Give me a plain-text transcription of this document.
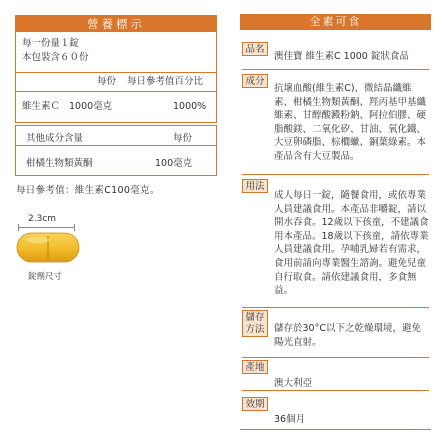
營養標示
每一份量１錠
本包裝含６０份
每份 每日參考值百分比
維生素Ｃ 1000毫克	1000%
其他成分含量	每份
柑橘生物類黃酮	100毫克
每日參考值：維生素C100毫克。
2.3cm
錠劑尺寸
全素可食
品名
澳佳寶 維生素C 1000 錠狀食品
成分
抗壞血酸(維生素C)、微結晶纖維素、柑橘生物類黃酮、羥丙基甲基纖維素、甘醇酸澱粉鈉、阿拉伯膠、硬脂酸鎂、二氧化矽、甘油、氧化鐵、大豆卵磷脂、棕櫚蠟、銅葉綠素。本產品含有大豆製品。
用法
成人每日一錠，隨餐食用，或依專業人員建議食用。本產品非嚼錠，請以開水吞食。12歲以下孩童，不建議食用本產品。18歲以下孩童，請依專業人員建議食用。孕哺乳婦若有需求，食用前請向專業醫生諮詢。避免兒童自行取食。請依建議食用，多食無益。
儲存方法	儲存於30°C以下之乾燥環境，避免陽光直射。
產地
澳大利亞
效期
36個月
